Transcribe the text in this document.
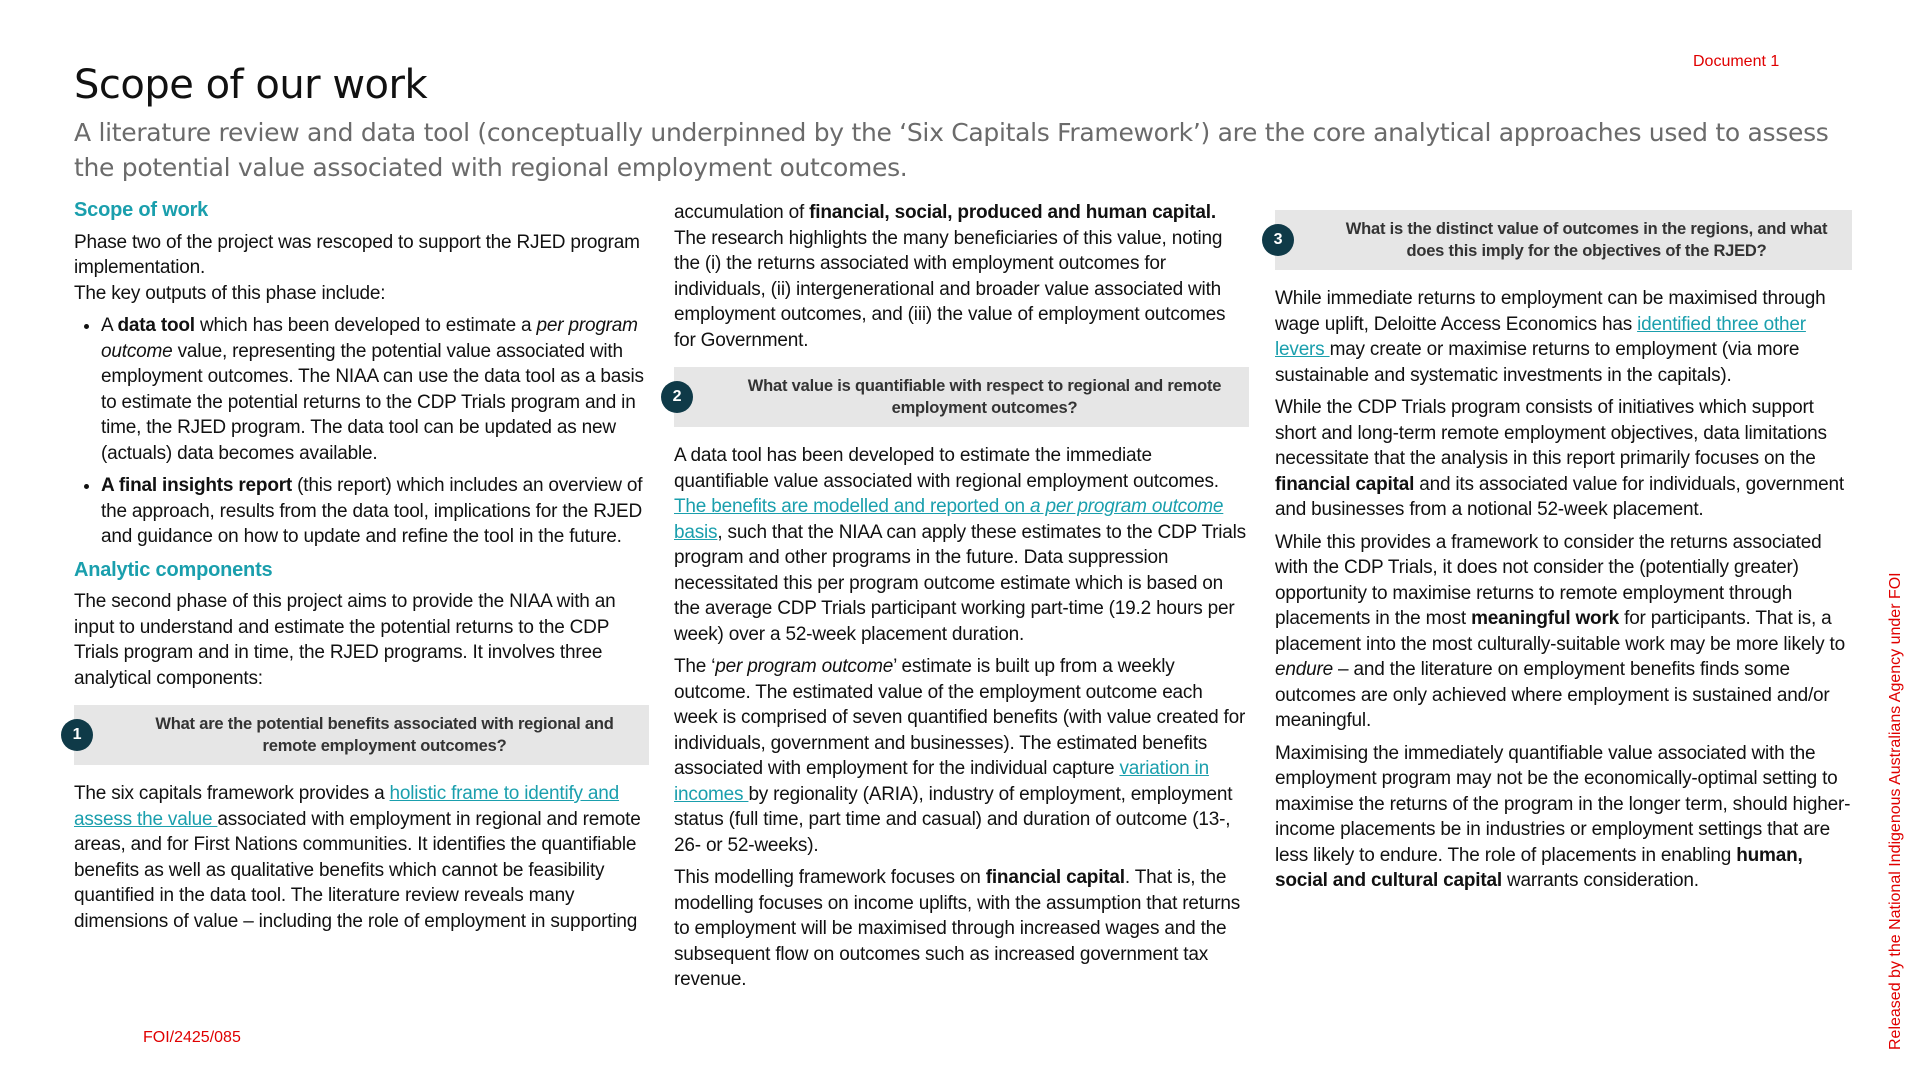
Document 1
Scope of our work

A literature review and data tool (conceptually underpinned by the ‘Six Capitals Framework’) are the core analytical approaches used to assess the potential value associated with regional employment outcomes.

Scope of work

Phase two of the project was rescoped to support the RJED program implementation.
The key outputs of this phase include:

• A data tool which has been developed to estimate a per program outcome value, representing the potential value associated with employment outcomes. The NIAA can use the data tool as a basis to estimate the potential returns to the CDP Trials program and in time, the RJED program. The data tool can be updated as new (actuals) data becomes available.
• A final insights report (this report) which includes an overview of the approach, results from the data tool, implications for the RJED and guidance on how to update and refine the tool in the future.
Analytic components

The second phase of this project aims to provide the NIAA with an input to understand and estimate the potential returns to the CDP Trials program and in time, the RJED programs. It involves three analytical components:

1
What are the potential benefits associated with regional and remote employment outcomes?

The six capitals framework provides a holistic frame to identify and assess the value associated with employment in regional and remote areas, and for First Nations communities. It identifies the quantifiable benefits as well as qualitative benefits which cannot be feasibility quantified in the data tool. The literature review reveals many dimensions of value – including the role of employment in supporting

accumulation of financial, social, produced and human capital. The research highlights the many beneficiaries of this value, noting the (i) the returns associated with employment outcomes for individuals, (ii) intergenerational and broader value associated with employment outcomes, and (iii) the value of employment outcomes for Government.

2
What value is quantifiable with respect to regional and remote employment outcomes?

A data tool has been developed to estimate the immediate quantifiable value associated with regional employment outcomes. The benefits are modelled and reported on a per program outcome basis, such that the NIAA can apply these estimates to the CDP Trials program and other programs in the future. Data suppression necessitated this per program outcome estimate which is based on the average CDP Trials participant working part-time (19.2 hours per week) over a 52-week placement duration.

The ‘per program outcome’ estimate is built up from a weekly outcome. The estimated value of the employment outcome each week is comprised of seven quantified benefits (with value created for individuals, government and businesses). The estimated benefits associated with employment for the individual capture variation in incomes by regionality (ARIA), industry of employment, employment status (full time, part time and casual) and duration of outcome (13-, 26- or 52-weeks).

This modelling framework focuses on financial capital. That is, the modelling focuses on income uplifts, with the assumption that returns to employment will be maximised through increased wages and the subsequent flow on outcomes such as increased government tax revenue.

3
What is the distinct value of outcomes in the regions, and what does this imply for the objectives of the RJED?

While immediate returns to employment can be maximised through wage uplift, Deloitte Access Economics has identified three other levers may create or maximise returns to employment (via more sustainable and systematic investments in the capitals).

While the CDP Trials program consists of initiatives which support short and long-term remote employment objectives, data limitations necessitate that the analysis in this report primarily focuses on the financial capital and its associated value for individuals, government and businesses from a notional 52-week placement.

While this provides a framework to consider the returns associated with the CDP Trials, it does not consider the (potentially greater) opportunity to maximise returns to remote employment through placements in the most meaningful work for participants. That is, a placement into the most culturally-suitable work may be more likely to endure – and the literature on employment benefits finds some outcomes are only achieved where employment is sustained and/or meaningful.

Maximising the immediately quantifiable value associated with the employment program may not be the economically-optimal setting to maximise the returns of the program in the longer term, should higher-income placements be in industries or employment settings that are less likely to endure. The role of placements in enabling human, social and cultural capital warrants consideration.

FOI/2425/085	Released by the National Indigenous Australians Agency under FOI
